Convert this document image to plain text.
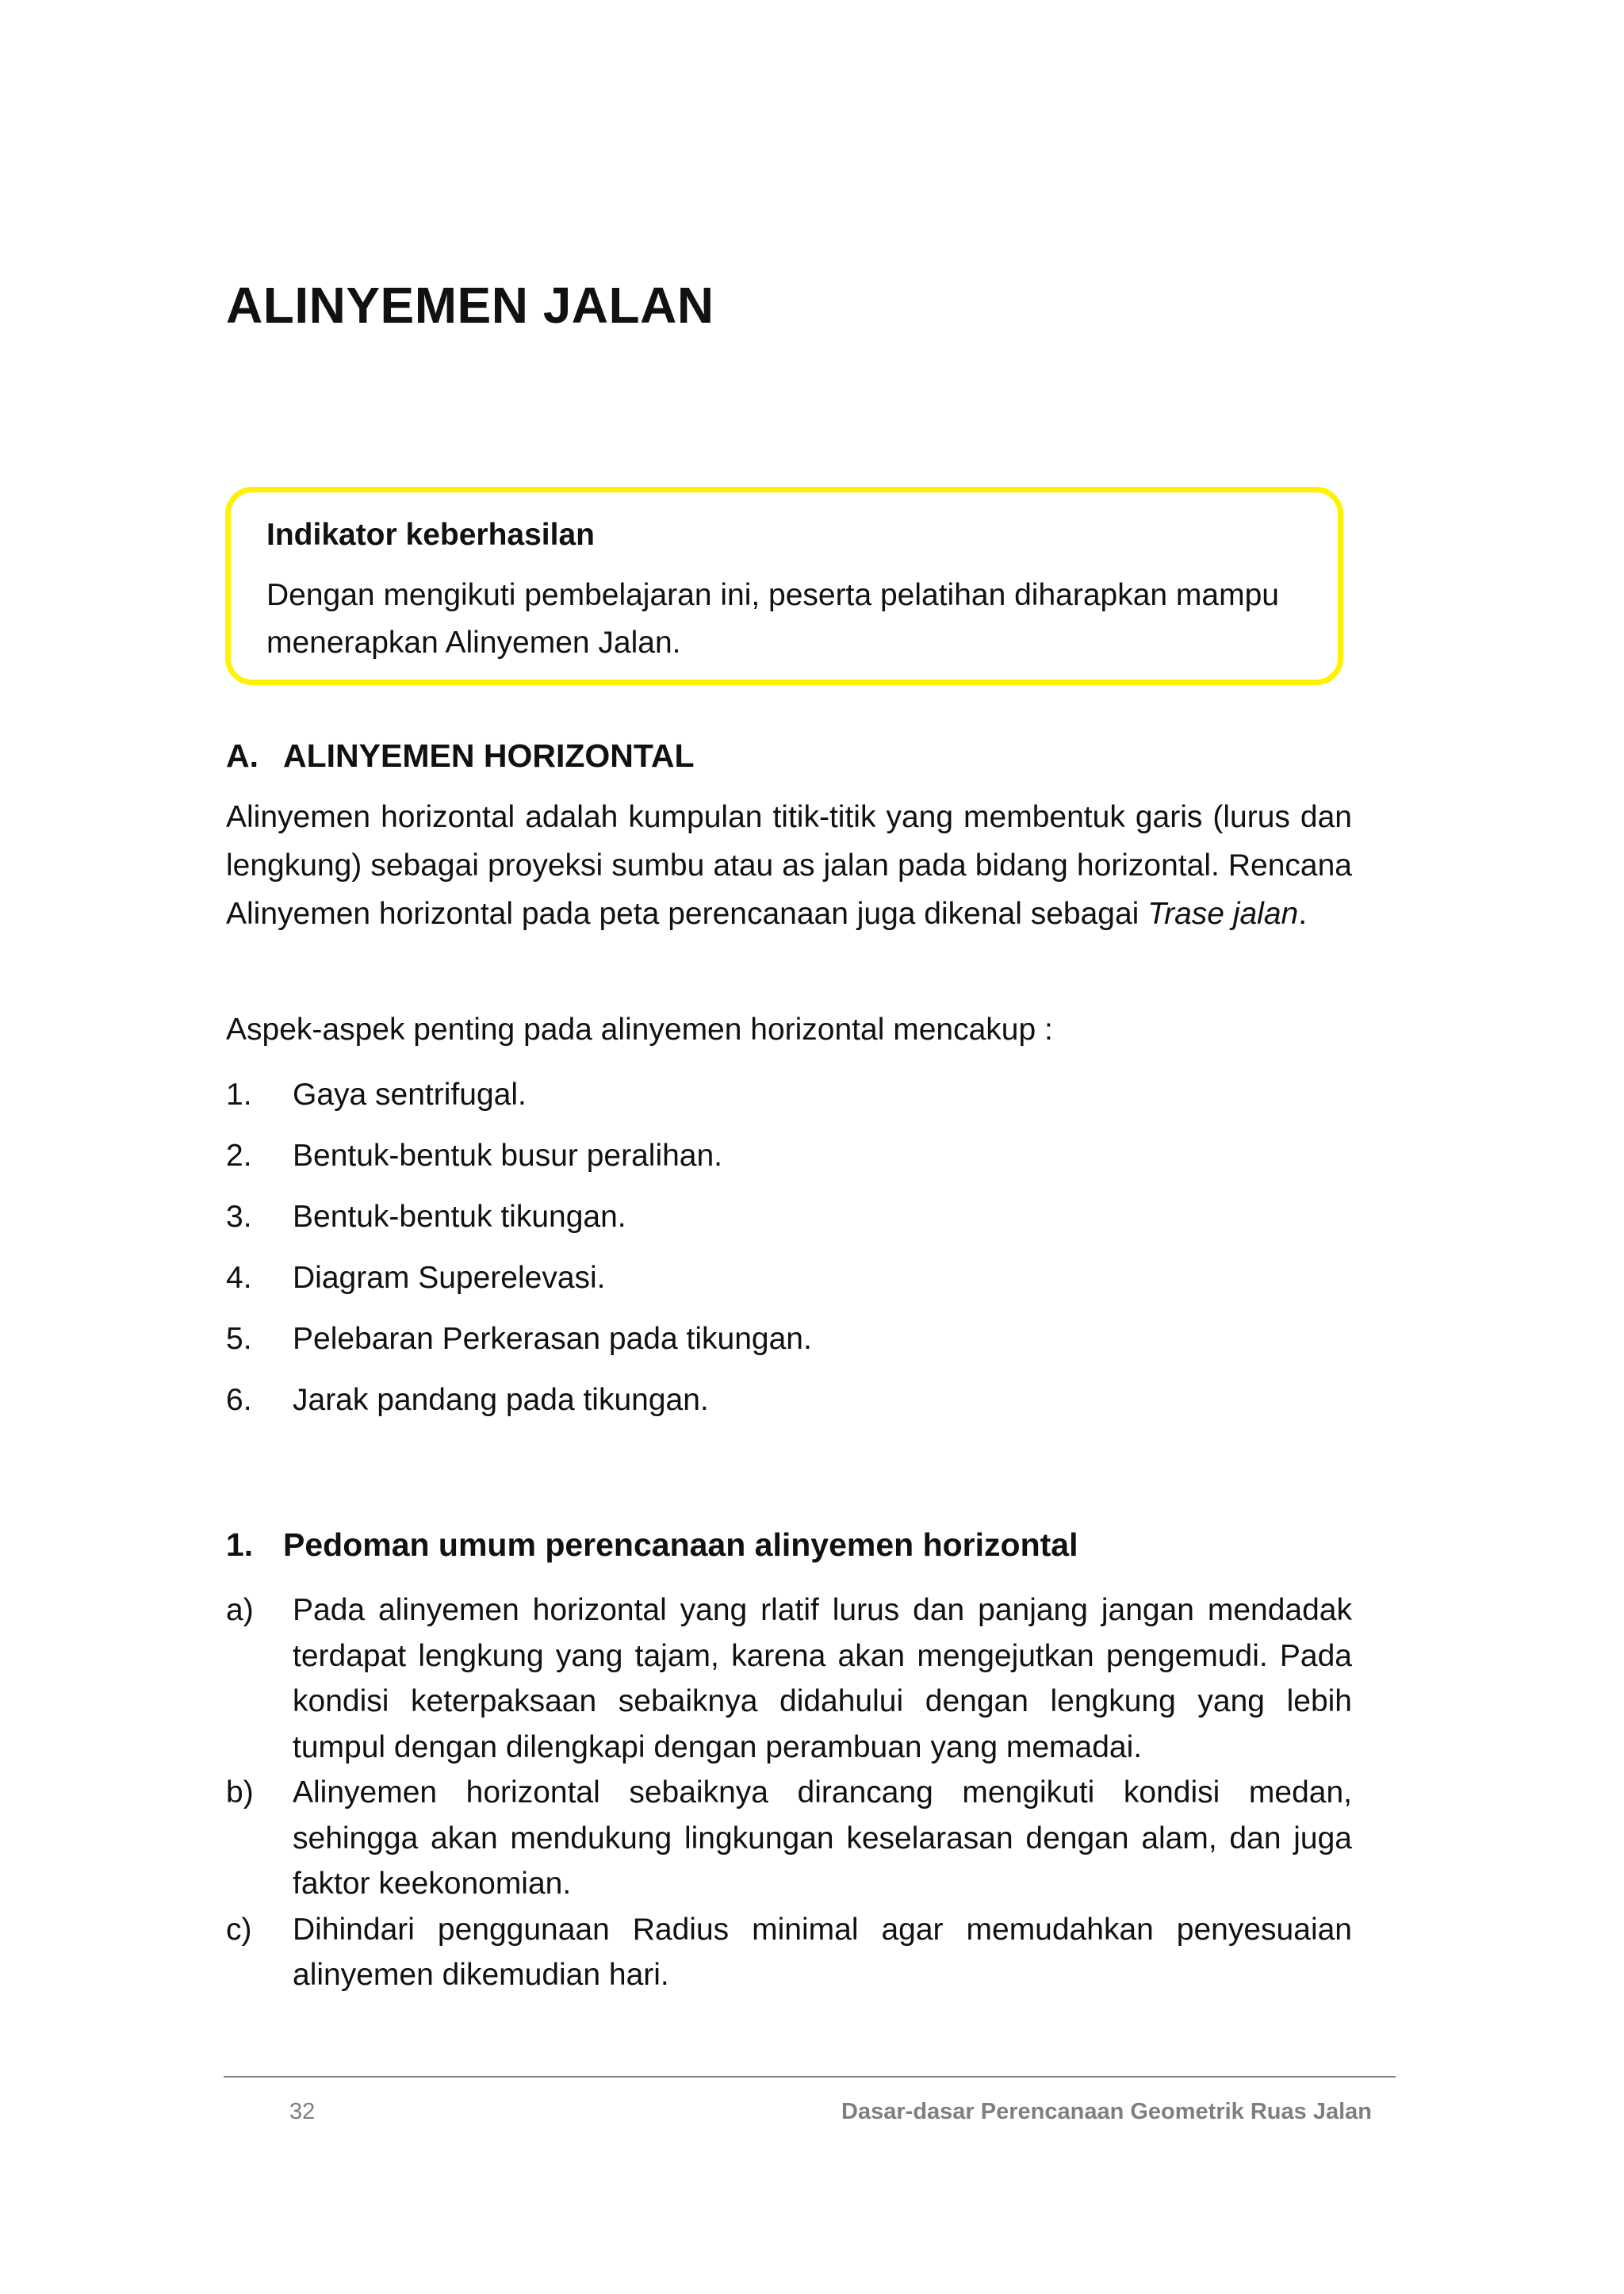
ALINYEMEN JALAN

Indikator keberhasilan

Dengan mengikuti pembelajaran ini, peserta pelatihan diharapkan mampu menerapkan Alinyemen Jalan.

A. ALINYEMEN HORIZONTAL

Alinyemen horizontal adalah kumpulan titik-titik yang membentuk garis (lurus dan lengkung) sebagai proyeksi sumbu atau as jalan pada bidang horizontal. Rencana Alinyemen horizontal pada peta perencanaan juga dikenal sebagai Trase jalan.

Aspek-aspek penting pada alinyemen horizontal mencakup :

1. Gaya sentrifugal.
2. Bentuk-bentuk busur peralihan.
3. Bentuk-bentuk tikungan.
4. Diagram Superelevasi.
5. Pelebaran Perkerasan pada tikungan.
6. Jarak pandang pada tikungan.
1. Pedoman umum perencanaan alinyemen horizontal
a) Pada alinyemen horizontal yang rlatif lurus dan panjang jangan mendadak terdapat lengkung yang tajam, karena akan mengejutkan pengemudi. Pada kondisi keterpaksaan sebaiknya didahului dengan lengkung yang lebih tumpul dengan dilengkapi dengan perambuan yang memadai.
b) Alinyemen horizontal sebaiknya dirancang mengikuti kondisi medan, sehingga akan mendukung lingkungan keselarasan dengan alam, dan juga faktor keekonomian.
c) Dihindari penggunaan Radius minimal agar memudahkan penyesuaian alinyemen dikemudian hari.

32	Dasar-dasar Perencanaan Geometrik Ruas Jalan
